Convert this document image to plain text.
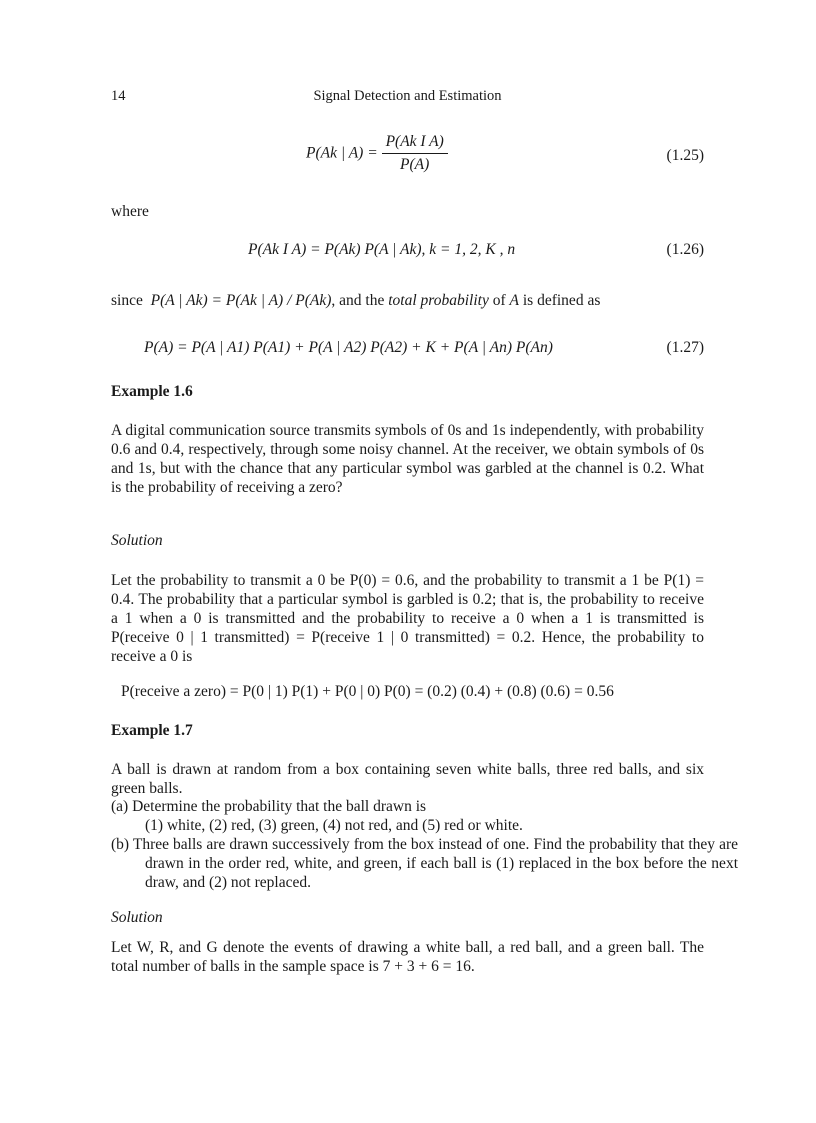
14	Signal Detection and Estimation
P(Ak | $A) = \frac{\text{P(Ak I A)}}{P(A)}$	(1.25)
where
P(Ak I A) = P(Ak) P(A | Ak), k = 1, 2, K , n	(1.26)
since P(A | Ak) = P(Ak | A) / P(Ak), and the total probability of A is defined as
P(A) = P(A | A1) P(A1) + P(A | A2) P(A2) + K + P(A | An) P(An)	(1.27)
Example 1.6
A digital communication source transmits symbols of 0s and 1s independently, with probability 0.6 and 0.4, respectively, through some noisy channel. At the receiver, we obtain symbols of 0s and 1s, but with the chance that any particular symbol was garbled at the channel is 0.2. What is the probability of receiving a zero?
Solution
Let the probability to transmit a 0 be P(0) = 0.6, and the probability to transmit a 1 be P(1) = 0.4. The probability that a particular symbol is garbled is 0.2; that is, the probability to receive a 1 when a 0 is transmitted and the probability to receive a 0 when a 1 is transmitted is P(receive 0 | 1 transmitted) = P(receive 1 | 0 transmitted) = 0.2. Hence, the probability to receive a 0 is
P(receive a zero) = P(0 | 1) P(1) + P(0 | 0) P(0) = (0.2) (0.4) + (0.8) (0.6) = 0.56
Example 1.7
A ball is drawn at random from a box containing seven white balls, three red balls, and six green balls.
(a) Determine the probability that the ball drawn is
(1) white, (2) red, (3) green, (4) not red, and (5) red or white.
(b) Three balls are drawn successively from the box instead of one. Find the probability that they are drawn in the order red, white, and green, if each ball is (1) replaced in the box before the next draw, and (2) not replaced.
Solution
Let W, R, and G denote the events of drawing a white ball, a red ball, and a green ball. The total number of balls in the sample space is 7 + 3 + 6 = 16.
